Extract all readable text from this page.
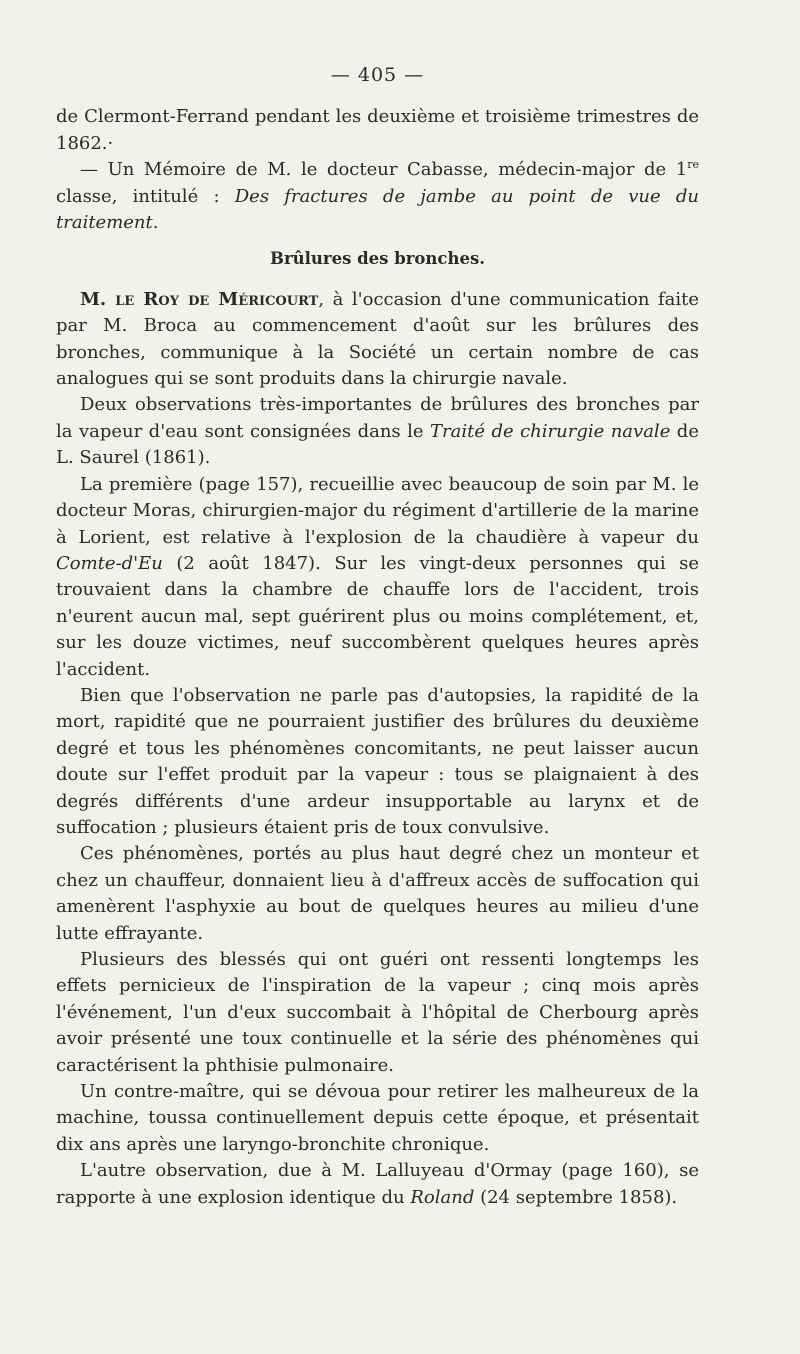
— 405 —

de Clermont-Ferrand pendant les deuxième et troisième trimestres de 1862.·

— Un Mémoire de M. le docteur Cabasse, médecin-major de 1re classe, intitulé : Des fractures de jambe au point de vue du traitement.

Brûlures des bronches.

M. le Roy de Méricourt, à l'occasion d'une communication faite par M. Broca au commencement d'août sur les brûlures des bronches, communique à la Société un certain nombre de cas analogues qui se sont produits dans la chirurgie navale.

Deux observations très-importantes de brûlures des bronches par la vapeur d'eau sont consignées dans le Traité de chirurgie navale de L. Saurel (1861).

La première (page 157), recueillie avec beaucoup de soin par M. le docteur Moras, chirurgien-major du régiment d'artillerie de la marine à Lorient, est relative à l'explosion de la chaudière à vapeur du Comte-d'Eu (2 août 1847). Sur les vingt-deux personnes qui se trouvaient dans la chambre de chauffe lors de l'accident, trois n'eurent aucun mal, sept guérirent plus ou moins complétement, et, sur les douze victimes, neuf succombèrent quelques heures après l'accident.

Bien que l'observation ne parle pas d'autopsies, la rapidité de la mort, rapidité que ne pourraient justifier des brûlures du deuxième degré et tous les phénomènes concomitants, ne peut laisser aucun doute sur l'effet produit par la vapeur : tous se plaignaient à des degrés différents d'une ardeur insupportable au larynx et de suffocation ; plusieurs étaient pris de toux convulsive.

Ces phénomènes, portés au plus haut degré chez un monteur et chez un chauffeur, donnaient lieu à d'affreux accès de suffocation qui amenèrent l'asphyxie au bout de quelques heures au milieu d'une lutte effrayante.

Plusieurs des blessés qui ont guéri ont ressenti longtemps les effets pernicieux de l'inspiration de la vapeur ; cinq mois après l'événement, l'un d'eux succombait à l'hôpital de Cherbourg après avoir présenté une toux continuelle et la série des phénomènes qui caractérisent la phthisie pulmonaire.

Un contre-maître, qui se dévoua pour retirer les malheureux de la machine, toussa continuellement depuis cette époque, et présentait dix ans après une laryngo-bronchite chronique.

L'autre observation, due à M. Lalluyeau d'Ormay (page 160), se rapporte à une explosion identique du Roland (24 septembre 1858).
